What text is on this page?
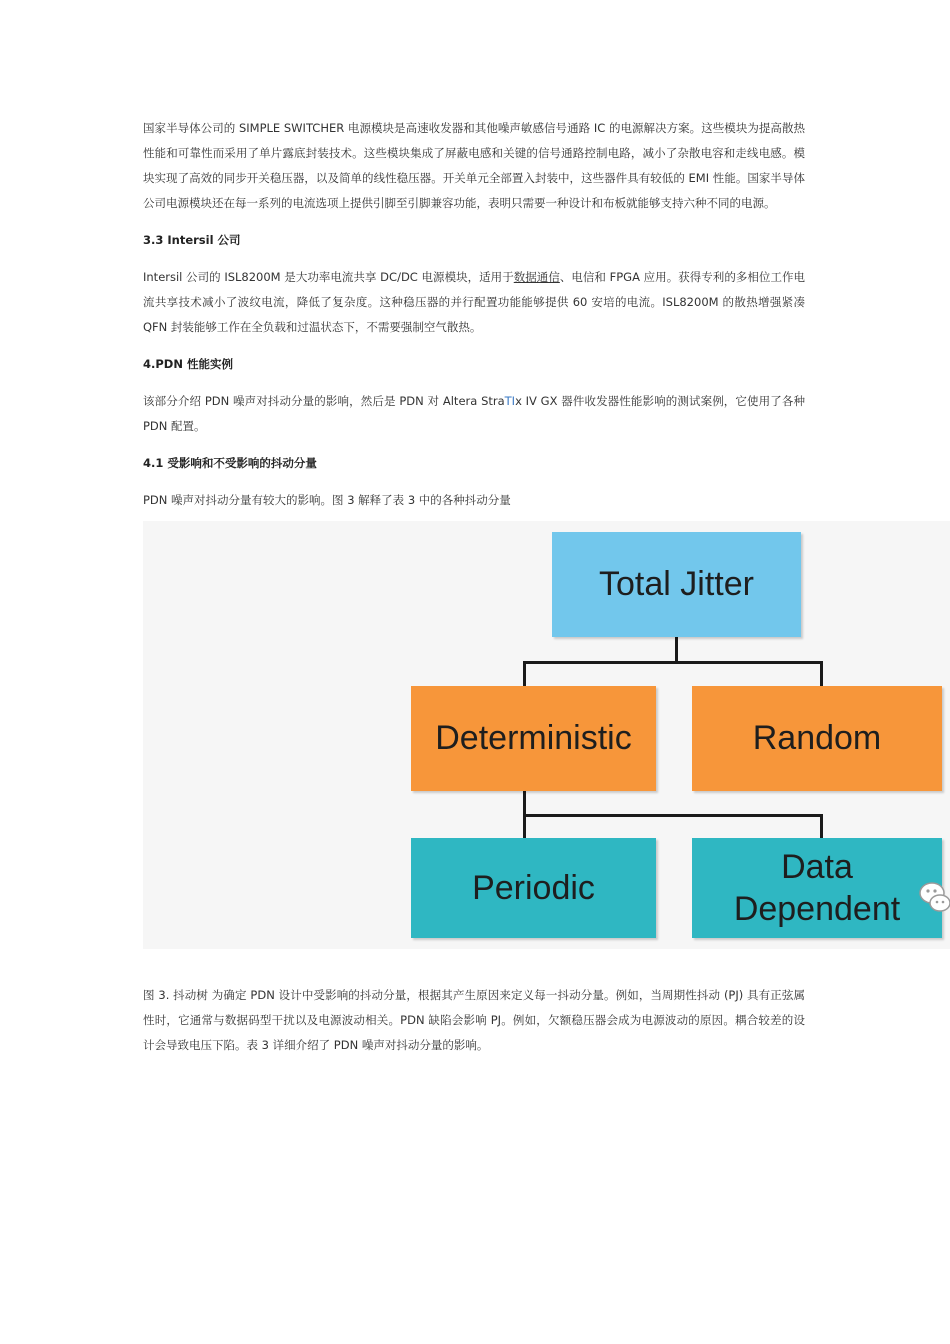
国家半导体公司的 SIMPLE SWITCHER 电源模块是高速收发器和其他噪声敏感信号通路 IC 的电源解决方案。这些模块为提高散热性能和可靠性而采用了单片露底封装技术。这些模块集成了屏蔽电感和关键的信号通路控制电路，减小了杂散电容和走线电感。模块实现了高效的同步开关稳压器，以及简单的线性稳压器。开关单元全部置入封装中，这些器件具有较低的 EMI 性能。国家半导体公司电源模块还在每一系列的电流选项上提供引脚至引脚兼容功能，表明只需要一种设计和布板就能够支持六种不同的电源。

3.3 Intersil 公司

Intersil 公司的 ISL8200M 是大功率电流共享 DC/DC 电源模块，适用于数据通信、电信和 FPGA 应用。获得专利的多相位工作电流共享技术减小了波纹电流，降低了复杂度。这种稳压器的并行配置功能能够提供 60 安培的电流。ISL8200M 的散热增强紧凑 QFN 封装能够工作在全负载和过温状态下，不需要强制空气散热。

4.PDN 性能实例

该部分介绍 PDN 噪声对抖动分量的影响，然后是 PDN 对 Altera StraTIx IV GX 器件收发器性能影响的测试案例，它使用了各种 PDN 配置。

4.1 受影响和不受影响的抖动分量

PDN 噪声对抖动分量有较大的影响。图 3 解释了表 3 中的各种抖动分量

Total Jitter
Deterministic	Random
Periodic
Data
Dependent

图 3. 抖动树 为确定 PDN 设计中受影响的抖动分量，根据其产生原因来定义每一抖动分量。例如，当周期性抖动 (PJ) 具有正弦属性时，它通常与数据码型干扰以及电源波动相关。PDN 缺陷会影响 PJ。例如，欠额稳压器会成为电源波动的原因。耦合较差的设计会导致电压下陷。表 3 详细介绍了 PDN 噪声对抖动分量的影响。
